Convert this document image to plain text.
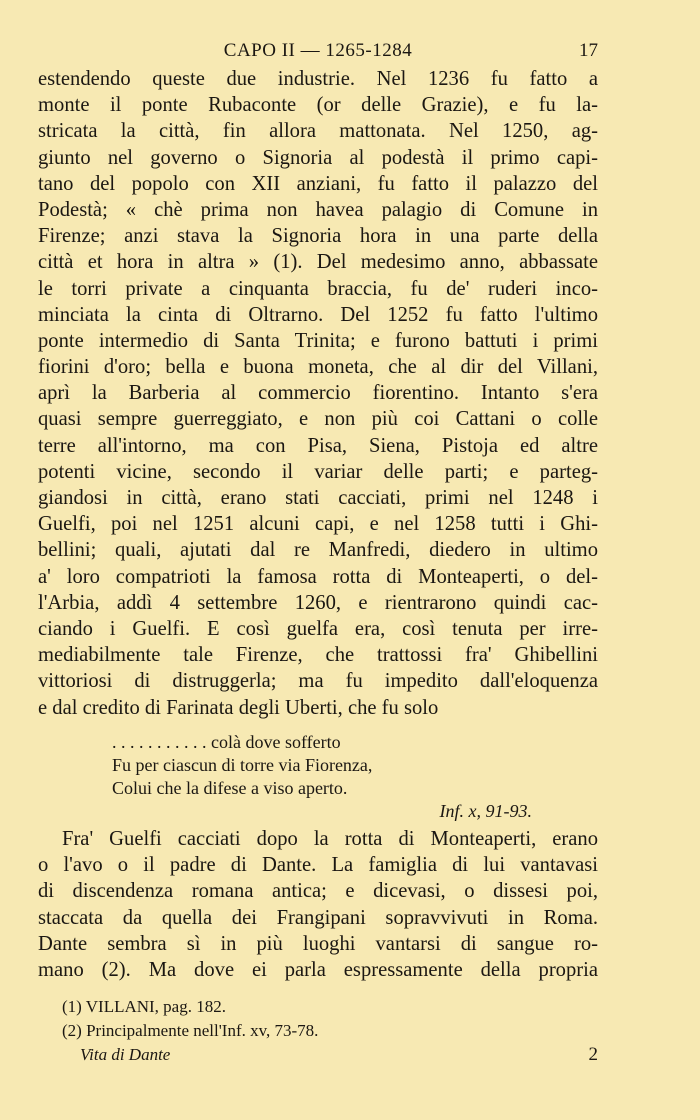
CAPO II — 1265-1284	17
estendendo queste due industrie. Nel 1236 fu fatto a
monte il ponte Rubaconte (or delle Grazie), e fu la-
stricata la città, fin allora mattonata. Nel 1250, ag-
giunto nel governo o Signoria al podestà il primo capi-
tano del popolo con XII anziani, fu fatto il palazzo del
Podestà; « chè prima non havea palagio di Comune in
Firenze; anzi stava la Signoria hora in una parte della
città et hora in altra » (1). Del medesimo anno, abbassate
le torri private a cinquanta braccia, fu de' ruderi inco-
minciata la cinta di Oltrarno. Del 1252 fu fatto l'ultimo
ponte intermedio di Santa Trinita; e furono battuti i primi
fiorini d'oro; bella e buona moneta, che al dir del Villani,
aprì la Barberia al commercio fiorentino. Intanto s'era
quasi sempre guerreggiato, e non più coi Cattani o colle
terre all'intorno, ma con Pisa, Siena, Pistoja ed altre
potenti vicine, secondo il variar delle parti; e parteg-
giandosi in città, erano stati cacciati, primi nel 1248 i
Guelfi, poi nel 1251 alcuni capi, e nel 1258 tutti i Ghi-
bellini; quali, ajutati dal re Manfredi, diedero in ultimo
a' loro compatrioti la famosa rotta di Monteaperti, o del-
l'Arbia, addì 4 settembre 1260, e rientrarono quindi cac-
ciando i Guelfi. E così guelfa era, così tenuta per irre-
mediabilmente tale Firenze, che trattossi fra' Ghibellini
vittoriosi di distruggerla; ma fu impedito dall'eloquenza
e dal credito di Farinata degli Uberti, che fu solo
. . . . . . . . . . . colà dove sofferto
Fu per ciascun di torre via Fiorenza,
Colui che la difese a viso aperto.
Inf. x, 91-93.
Fra' Guelfi cacciati dopo la rotta di Monteaperti, erano
o l'avo o il padre di Dante. La famiglia di lui vantavasi
di discendenza romana antica; e dicevasi, o dissesi poi,
staccata da quella dei Frangipani sopravvivuti in Roma.
Dante sembra sì in più luoghi vantarsi di sangue ro-
mano (2). Ma dove ei parla espressamente della propria
(1) VILLANI, pag. 182.
(2) Principalmente nell'Inf. xv, 73-78.
Vita di Dante	2
